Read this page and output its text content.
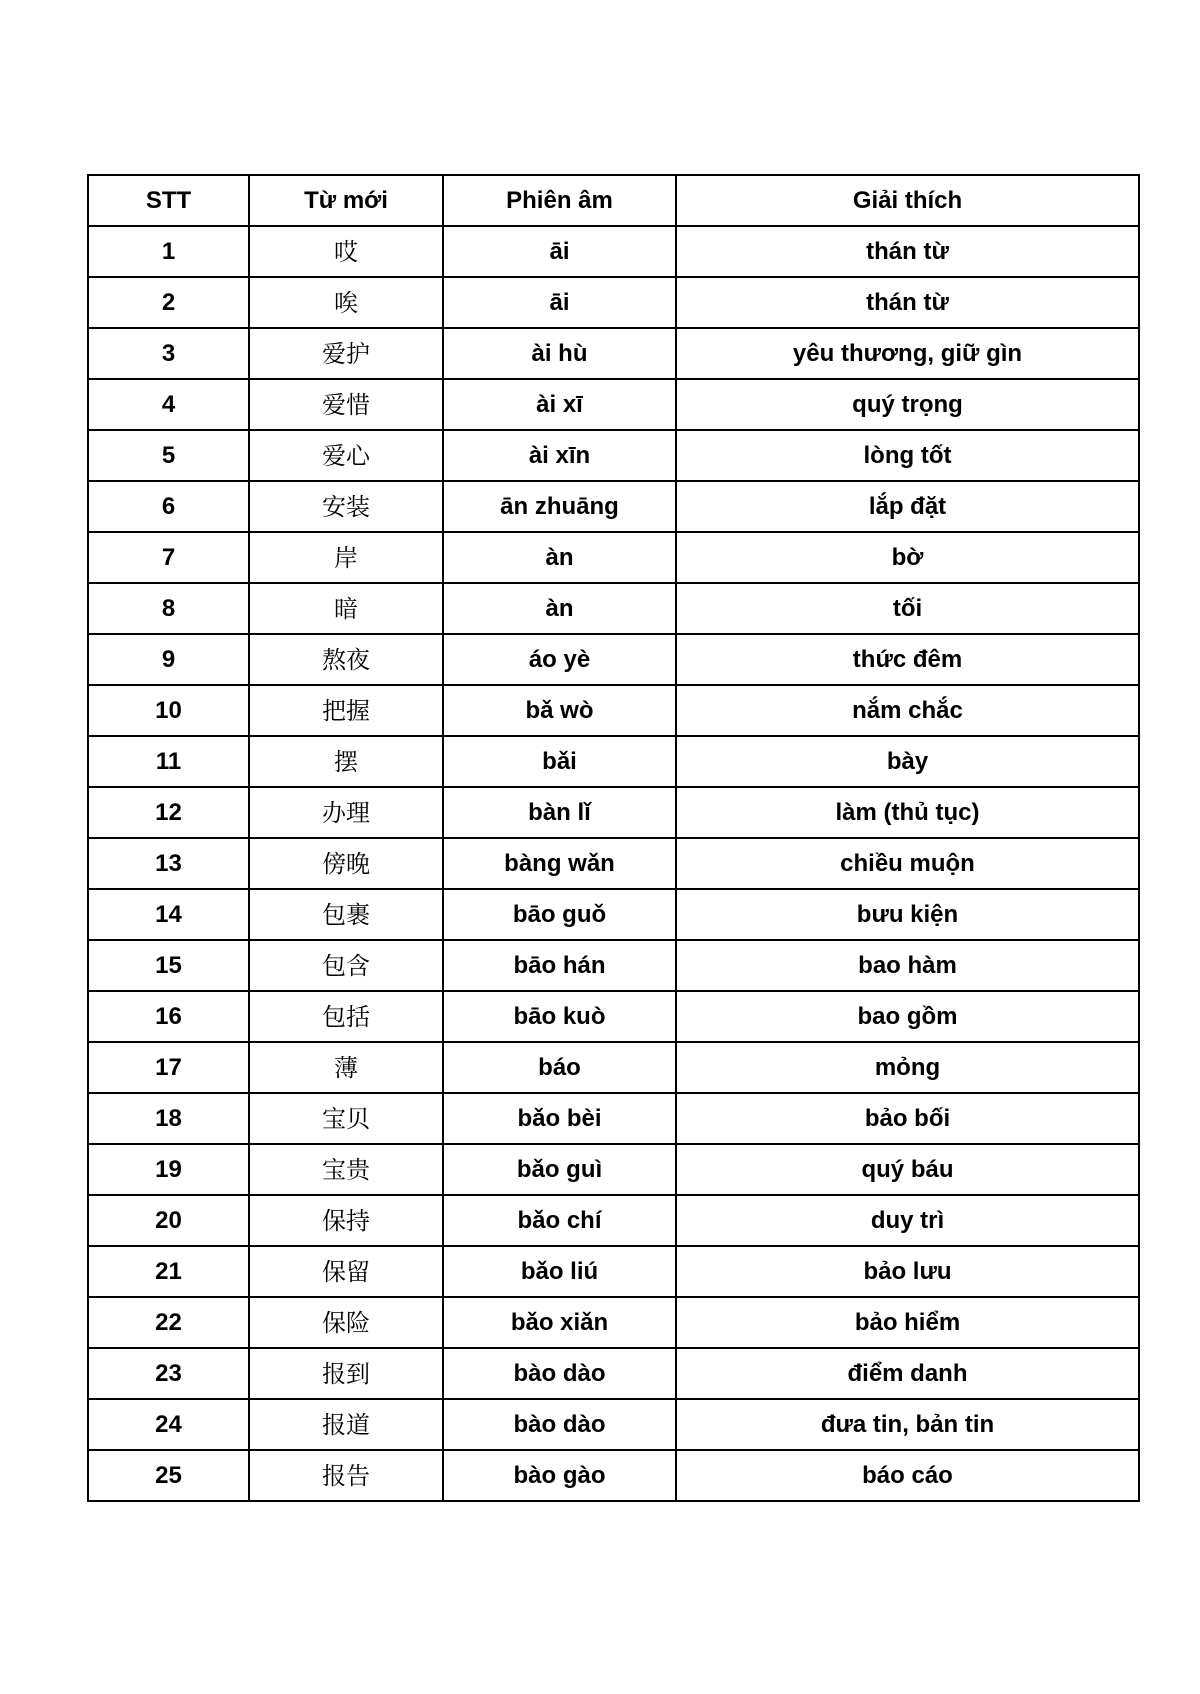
STT	Từ mới	Phiên âm	Giải thích
1	哎	āi	thán từ
2	唉	āi	thán từ
3	爱护	ài hù	yêu thương, giữ gìn
4	爱惜	ài xī	quý trọng
5	爱心	ài xīn	lòng tốt
6	安装	ān zhuāng	lắp đặt
7	岸	àn	bờ
8	暗	àn	tối
9	熬夜	áo yè	thức đêm
10	把握	bǎ wò	nắm chắc
11	摆	bǎi	bày
12	办理	bàn lǐ	làm (thủ tục)
13	傍晚	bàng wǎn	chiều muộn
14	包裹	bāo guǒ	bưu kiện
15	包含	bāo hán	bao hàm
16	包括	bāo kuò	bao gồm
17	薄	báo	mỏng
18	宝贝	bǎo bèi	bảo bối
19	宝贵	bǎo guì	quý báu
20	保持	bǎo chí	duy trì
21	保留	bǎo liú	bảo lưu
22	保险	bǎo xiǎn	bảo hiểm
23	报到	bào dào	điểm danh
24	报道	bào dào	đưa tin, bản tin
25	报告	bào gào	báo cáo
